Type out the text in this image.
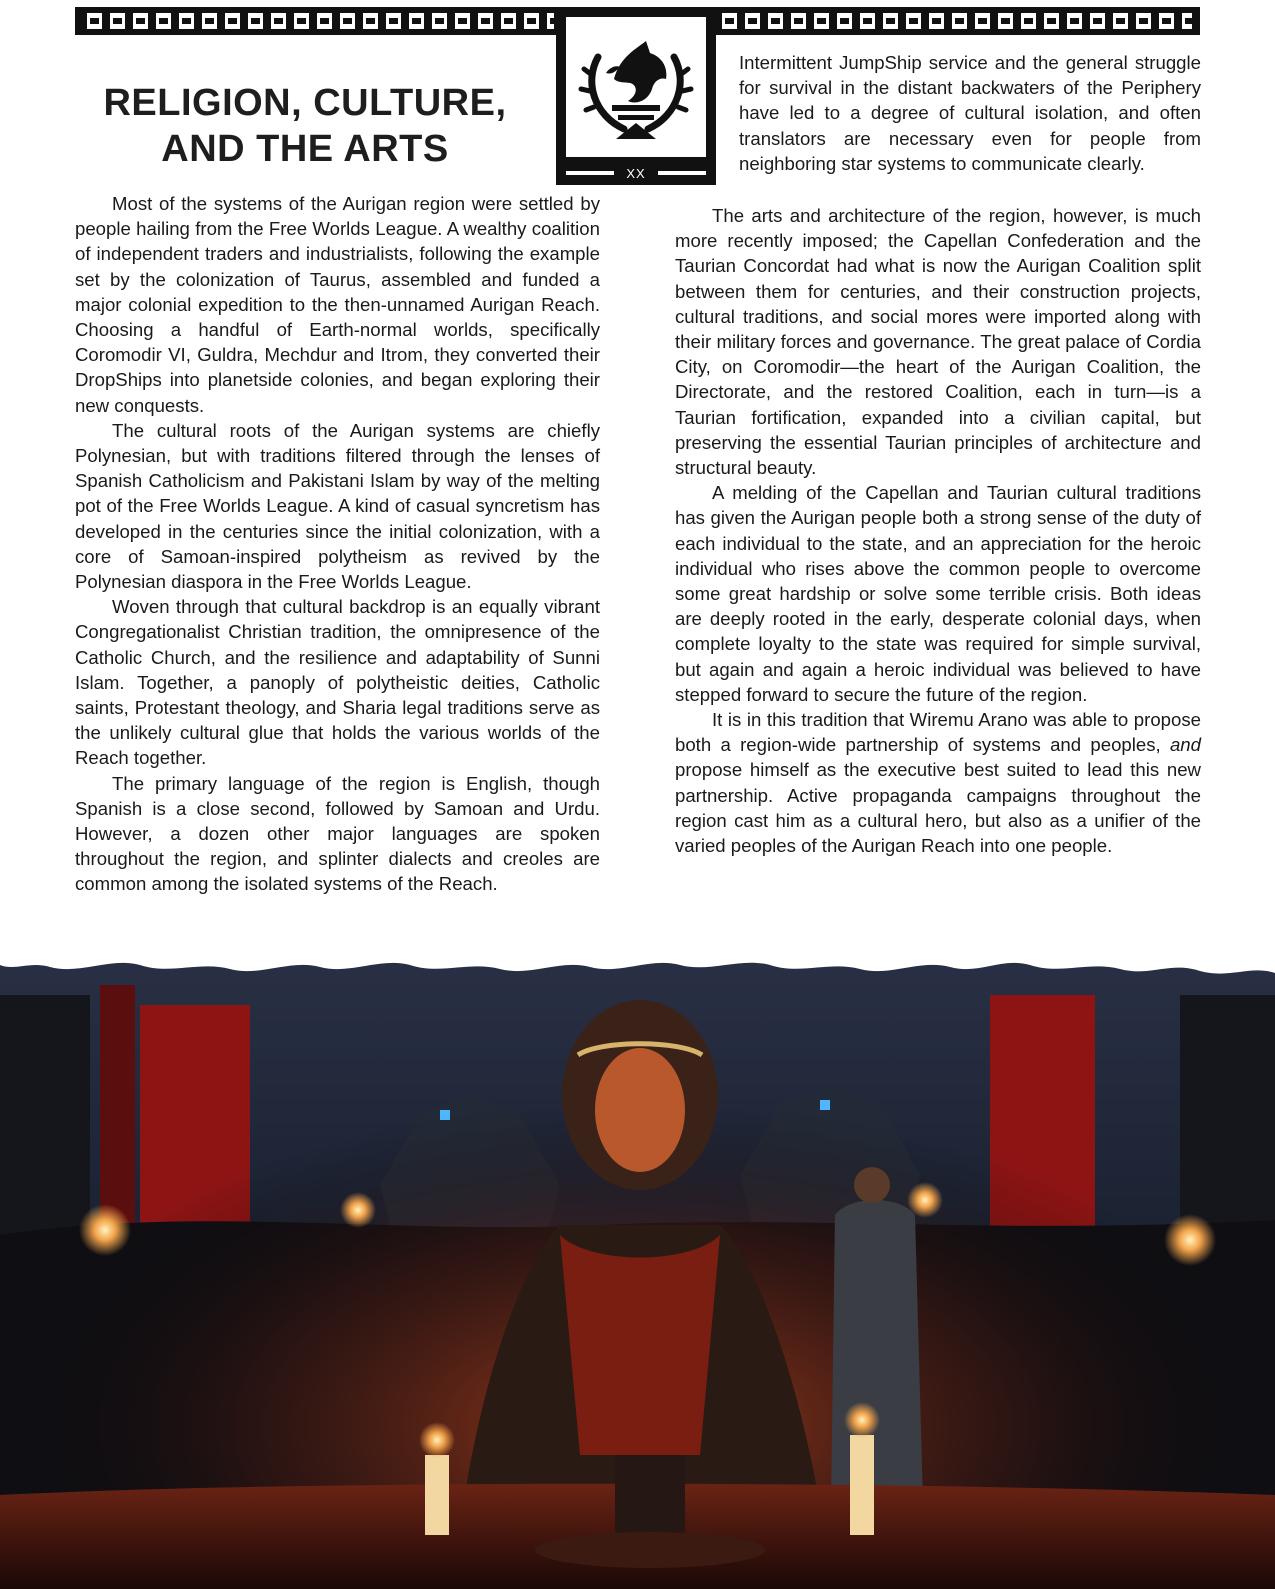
XX
RELIGION, CULTURE,
AND THE ARTS

Intermittent JumpShip service and the general struggle for survival in the distant backwaters of the Periphery have led to a degree of cultural isolation, and often translators are necessary even for people from neighboring star systems to communicate clearly.

Most of the systems of the Aurigan region were settled by people hailing from the Free Worlds League. A wealthy coalition of independent traders and industrialists, following the example set by the colonization of Taurus, assembled and funded a major colonial expedition to the then-unnamed Aurigan Reach. Choosing a handful of Earth-normal worlds, specifically Coromodir VI, Guldra, Mechdur and Itrom, they converted their DropShips into planetside colonies, and began exploring their new conquests.

The cultural roots of the Aurigan systems are chiefly Polynesian, but with traditions filtered through the lenses of Spanish Catholicism and Pakistani Islam by way of the melting pot of the Free Worlds League. A kind of casual syncretism has developed in the centuries since the initial colonization, with a core of Samoan-inspired polytheism as revived by the Polynesian diaspora in the Free Worlds League.

Woven through that cultural backdrop is an equally vibrant Congregationalist Christian tradition, the omnipresence of the Catholic Church, and the resilience and adaptability of Sunni Islam. Together, a panoply of polytheistic deities, Catholic saints, Protestant theology, and Sharia legal traditions serve as the unlikely cultural glue that holds the various worlds of the Reach together.

The primary language of the region is English, though Spanish is a close second, followed by Samoan and Urdu. However, a dozen other major languages are spoken throughout the region, and splinter dialects and creoles are common among the isolated systems of the Reach.

The arts and architecture of the region, however, is much more recently imposed; the Capellan Confederation and the Taurian Concordat had what is now the Aurigan Coalition split between them for centuries, and their construction projects, cultural traditions, and social mores were imported along with their military forces and governance. The great palace of Cordia City, on Coromodir—the heart of the Aurigan Coalition, the Directorate, and the restored Coalition, each in turn—is a Taurian fortification, expanded into a civilian capital, but preserving the essential Taurian principles of architecture and structural beauty.

A melding of the Capellan and Taurian cultural traditions has given the Aurigan people both a strong sense of the duty of each individual to the state, and an appreciation for the heroic individual who rises above the common people to overcome some great hardship or solve some terrible crisis. Both ideas are deeply rooted in the early, desperate colonial days, when complete loyalty to the state was required for simple survival, but again and again a heroic individual was believed to have stepped forward to secure the future of the region.

It is in this tradition that Wiremu Arano was able to propose both a region-wide partnership of systems and peoples, and propose himself as the executive best suited to lead this new partnership. Active propaganda campaigns throughout the region cast him as a cultural hero, but also as a unifier of the varied peoples of the Aurigan Reach into one people.
